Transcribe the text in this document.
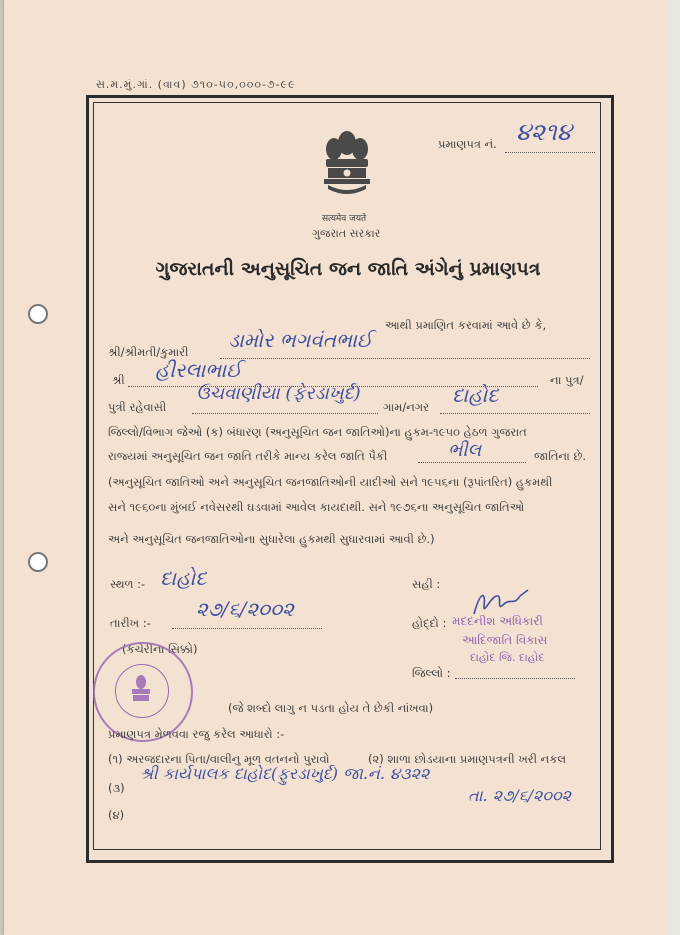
સ.મ.મું.ગાં. (વાવ) ૭૧૦-૫૦,૦૦૦-૭-૯૯
પ્રમાણપત્ર નં. ૪૨૧૪
सत्यमेव जयते
ગુજરાત સરકાર
ગુજરાતની અનુસૂચિત જન જાતિ અંગેનું પ્રમાણપત્ર
આથી પ્રમાણિત કરવામાં આવે છે કે,
શ્રી/શ્રીમતી/કુમારી ડામોર ભગવંતભાઈ
શ્રી હીરલાભાઈ	ના પુત્ર/
પુત્રી રહેવાસી
ઉચવાણીયા (ફેરડાખુર્દ)
ગામ/નગર દાહોદ
જિલ્લો/વિભાગ જેઓ (ક) બંધારણ (અનુસૂચિત જન જાતિઓ)ના હુકમ-૧૯૫૦ હેઠળ ગુજરાત
રાજ્યમાં અનુસૂચિત જન જાતિ તરીકે માન્ય કરેલ જાતિ પૈકી	ભીલ	જાતિના છે.
(અનુસૂચિત જાતિઓ અને અનુસૂચિત જનજાતિઓની યાદીઓ સને ૧૯૫૬ના (રૂપાંતરિત) હુકમથી
સને ૧૯૬૦ના મુંબઈ નવેસરથી ઘડવામાં આવેલ કાયદાથી. સને ૧૯૭૬ના અનુસૂચિત જાતિઓ
અને અનુસૂચિત જનજાતિઓના સુધારેલા હુકમથી સુધારવામાં આવી છે.)
સ્થળ :- દાહોદ	સહી :
તારીખ :-
૨૭/૬/૨૦૦૨
હોદ્દો : મદદનીશ અધિકારી
આદિજાતિ વિકાસ
દાહોદ જિ. દાહોદ
(કચેરીના સિક્કો)
જિલ્લો :
(જે શબ્દો લાગુ ન પડતા હોય તે છેકી નાંખવા)
પ્રમાણપત્ર મેળવવા રજુ કરેલ આધારો :-
(૧) અરજદારના પિતા/વાલીનુ મૂળ વતનનો પુરાવો	(૨) શાળા છોડયાના પ્રમાણપત્રની ખરી નકલ
(૩)
શ્રી કાર્યપાલક દાહોદ(ફુરડાખુર્દ) જા.નં. ૪૩૨૨
તા. ૨૭/૬/૨૦૦૨
(૪)
